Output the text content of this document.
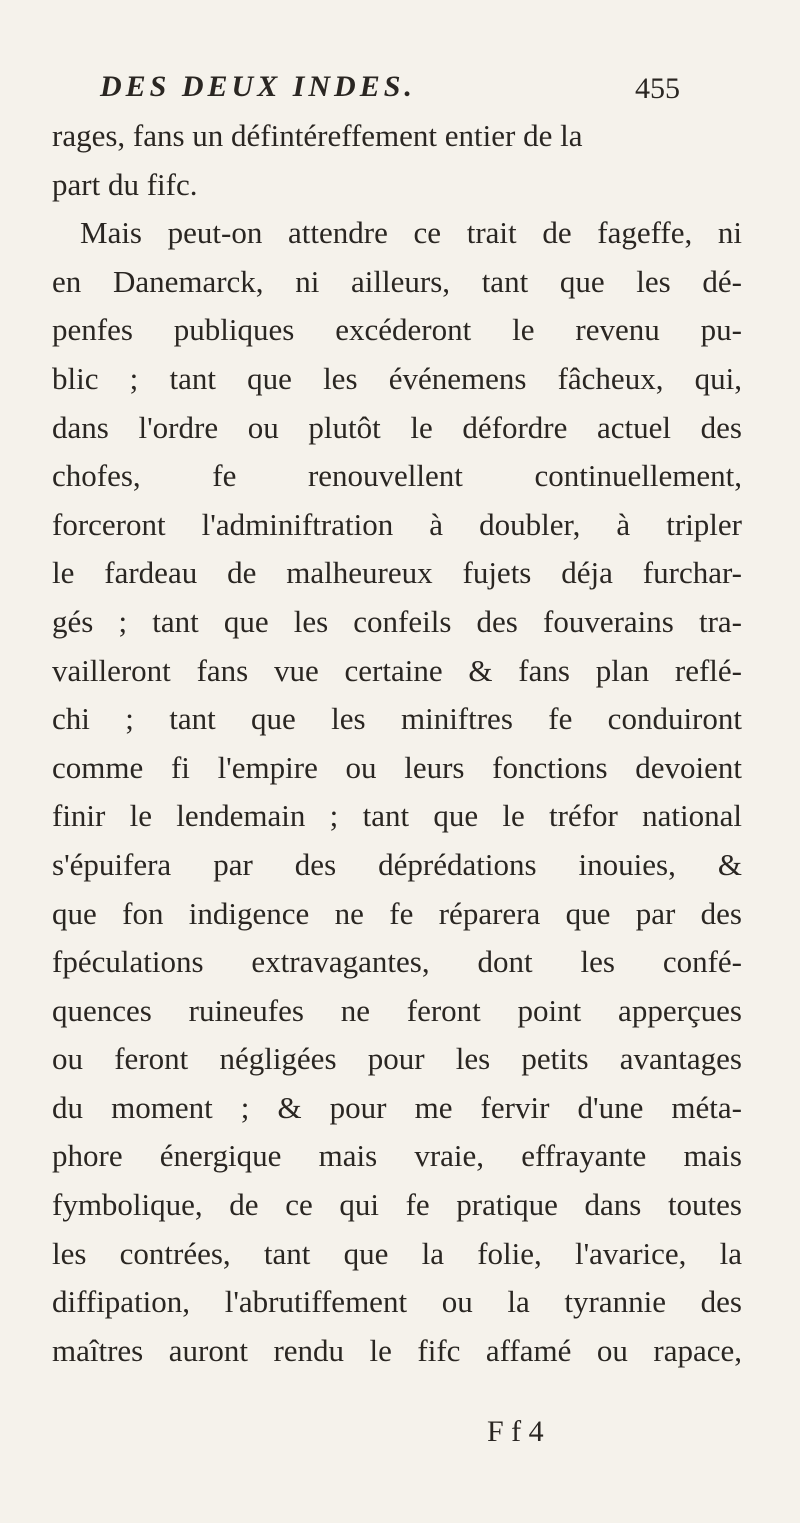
DES DEUX INDES.	455
rages, fans un défintéreffement entier de la
part du fifc.
Mais peut-on attendre ce trait de fageffe, ni
en Danemarck, ni ailleurs, tant que les dé-
penfes publiques excéderont le revenu pu-
blic ; tant que les événemens fâcheux, qui,
dans l'ordre ou plutôt le défordre actuel des
chofes, fe renouvellent continuellement,
forceront l'adminiftration à doubler, à tripler
le fardeau de malheureux fujets déja furchar-
gés ; tant que les confeils des fouverains tra-
vailleront fans vue certaine & fans plan reflé-
chi ; tant que les miniftres fe conduiront
comme fi l'empire ou leurs fonctions devoient
finir le lendemain ; tant que le tréfor national
s'épuifera par des déprédations inouies, &
que fon indigence ne fe réparera que par des
fpéculations extravagantes, dont les confé-
quences ruineufes ne feront point apperçues
ou feront négligées pour les petits avantages
du moment ; & pour me fervir d'une méta-
phore énergique mais vraie, effrayante mais
fymbolique, de ce qui fe pratique dans toutes
les contrées, tant que la folie, l'avarice, la
diffipation, l'abrutiffement ou la tyrannie des
maîtres auront rendu le fifc affamé ou rapace,
F f 4
